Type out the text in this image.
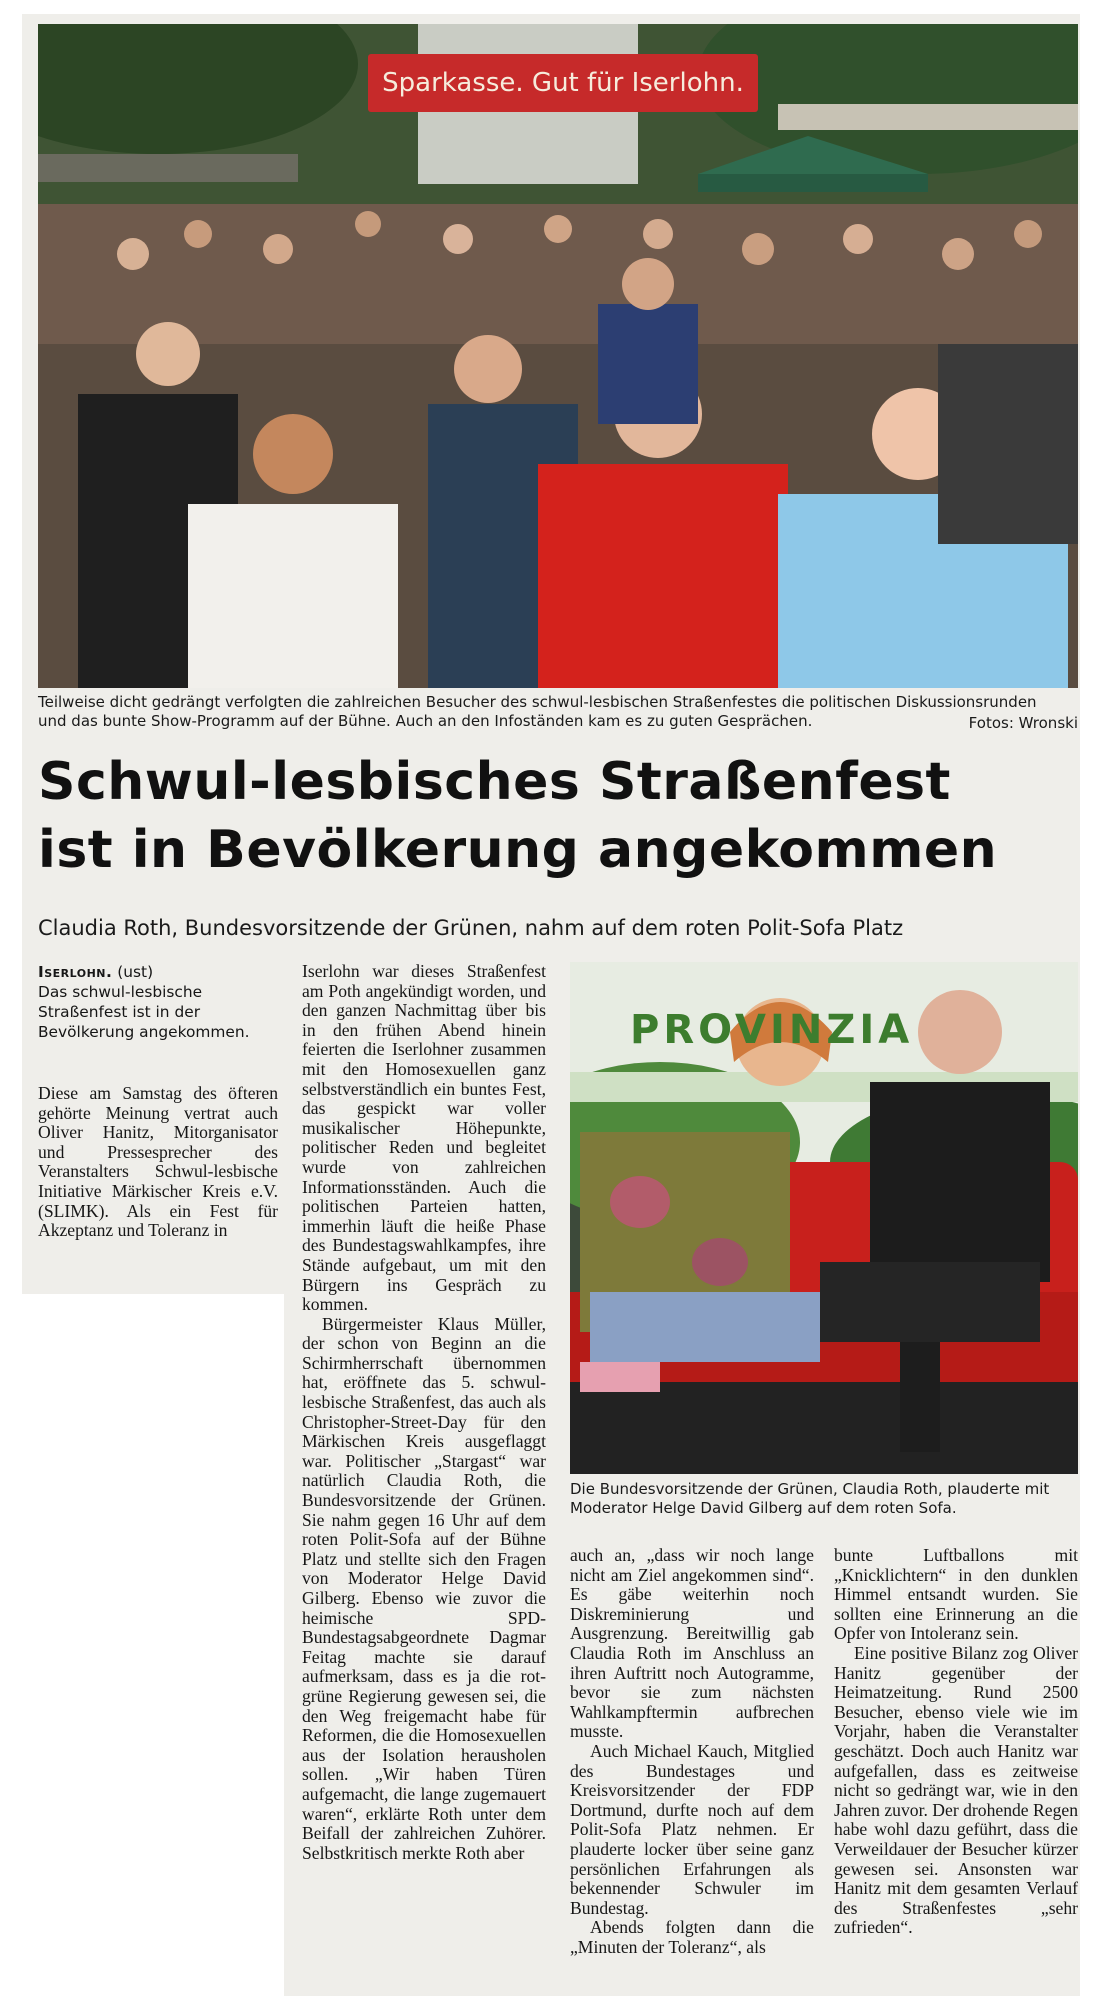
Sparkasse. Gut für Iserlohn.
Teilweise dicht gedrängt verfolgten die zahlreichen Besucher des schwul-lesbischen Straßenfestes die politischen Diskussionsrunden
und das bunte Show-Programm auf der Bühne. Auch an den Infoständen kam es zu guten Gesprächen.	Fotos: Wronski
Schwul-lesbisches Straßenfest
ist in Bevölkerung angekommen
Claudia Roth, Bundesvorsitzende der Grünen, nahm auf dem roten Polit-Sofa Platz
Iserlohn. (ust)
Das schwul-lesbische Straßenfest ist in der Bevölkerung angekommen.

Diese am Samstag des öfteren gehörte Meinung vertrat auch Oliver Hanitz, Mitorganisator und Pressesprecher des Veranstalters Schwul-lesbische Initiative Märkischer Kreis e.V. (SLIMK). Als ein Fest für Akzeptanz und Toleranz in

Iserlohn war dieses Straßenfest am Poth angekündigt worden, und den ganzen Nachmittag über bis in den frühen Abend hinein feierten die Iserlohner zusammen mit den Homosexuellen ganz selbstverständlich ein buntes Fest, das gespickt war voller musikalischer Höhepunkte, politischer Reden und begleitet wurde von zahlreichen Informationsständen. Auch die politischen Parteien hatten, immerhin läuft die heiße Phase des Bundestagswahlkampfes, ihre Stände aufgebaut, um mit den Bürgern ins Gespräch zu kommen.

Bürgermeister Klaus Müller, der schon von Beginn an die Schirmherrschaft übernommen hat, eröffnete das 5. schwul-lesbische Straßenfest, das auch als Christopher-Street-Day für den Märkischen Kreis ausgeflaggt war. Politischer „Stargast“ war natürlich Claudia Roth, die Bundesvorsitzende der Grünen. Sie nahm gegen 16 Uhr auf dem roten Polit-Sofa auf der Bühne Platz und stellte sich den Fragen von Moderator Helge David Gilberg. Ebenso wie zuvor die heimische SPD-Bundestagsabgeordnete Dagmar Feitag machte sie darauf aufmerksam, dass es ja die rot-grüne Regierung gewesen sei, die den Weg freigemacht habe für Reformen, die die Homosexuellen aus der Isolation herausholen sollen. „Wir haben Türen aufgemacht, die lange zugemauert waren“, erklärte Roth unter dem Beifall der zahlreichen Zuhörer. Selbstkritisch merkte Roth aber

PROVINZIA
Die Bundesvorsitzende der Grünen, Claudia Roth, plauderte mit
Moderator Helge David Gilberg auf dem roten Sofa.

auch an, „dass wir noch lange nicht am Ziel angekommen sind“. Es gäbe weiterhin noch Diskreminierung und Ausgrenzung. Bereitwillig gab Claudia Roth im Anschluss an ihren Auftritt noch Autogramme, bevor sie zum nächsten Wahlkampftermin aufbrechen musste.

Auch Michael Kauch, Mitglied des Bundestages und Kreisvorsitzender der FDP Dortmund, durfte noch auf dem Polit-Sofa Platz nehmen. Er plauderte locker über seine ganz persönlichen Erfahrungen als bekennender Schwuler im Bundestag.

Abends folgten dann die „Minuten der Toleranz“, als

bunte Luftballons mit „Knicklichtern“ in den dunklen Himmel entsandt wurden. Sie sollten eine Erinnerung an die Opfer von Intoleranz sein.

Eine positive Bilanz zog Oliver Hanitz gegenüber der Heimatzeitung. Rund 2500 Besucher, ebenso viele wie im Vorjahr, haben die Veranstalter geschätzt. Doch auch Hanitz war aufgefallen, dass es zeitweise nicht so gedrängt war, wie in den Jahren zuvor. Der drohende Regen habe wohl dazu geführt, dass die Verweildauer der Besucher kürzer gewesen sei. Ansonsten war Hanitz mit dem gesamten Verlauf des Straßenfestes „sehr zufrieden“.
